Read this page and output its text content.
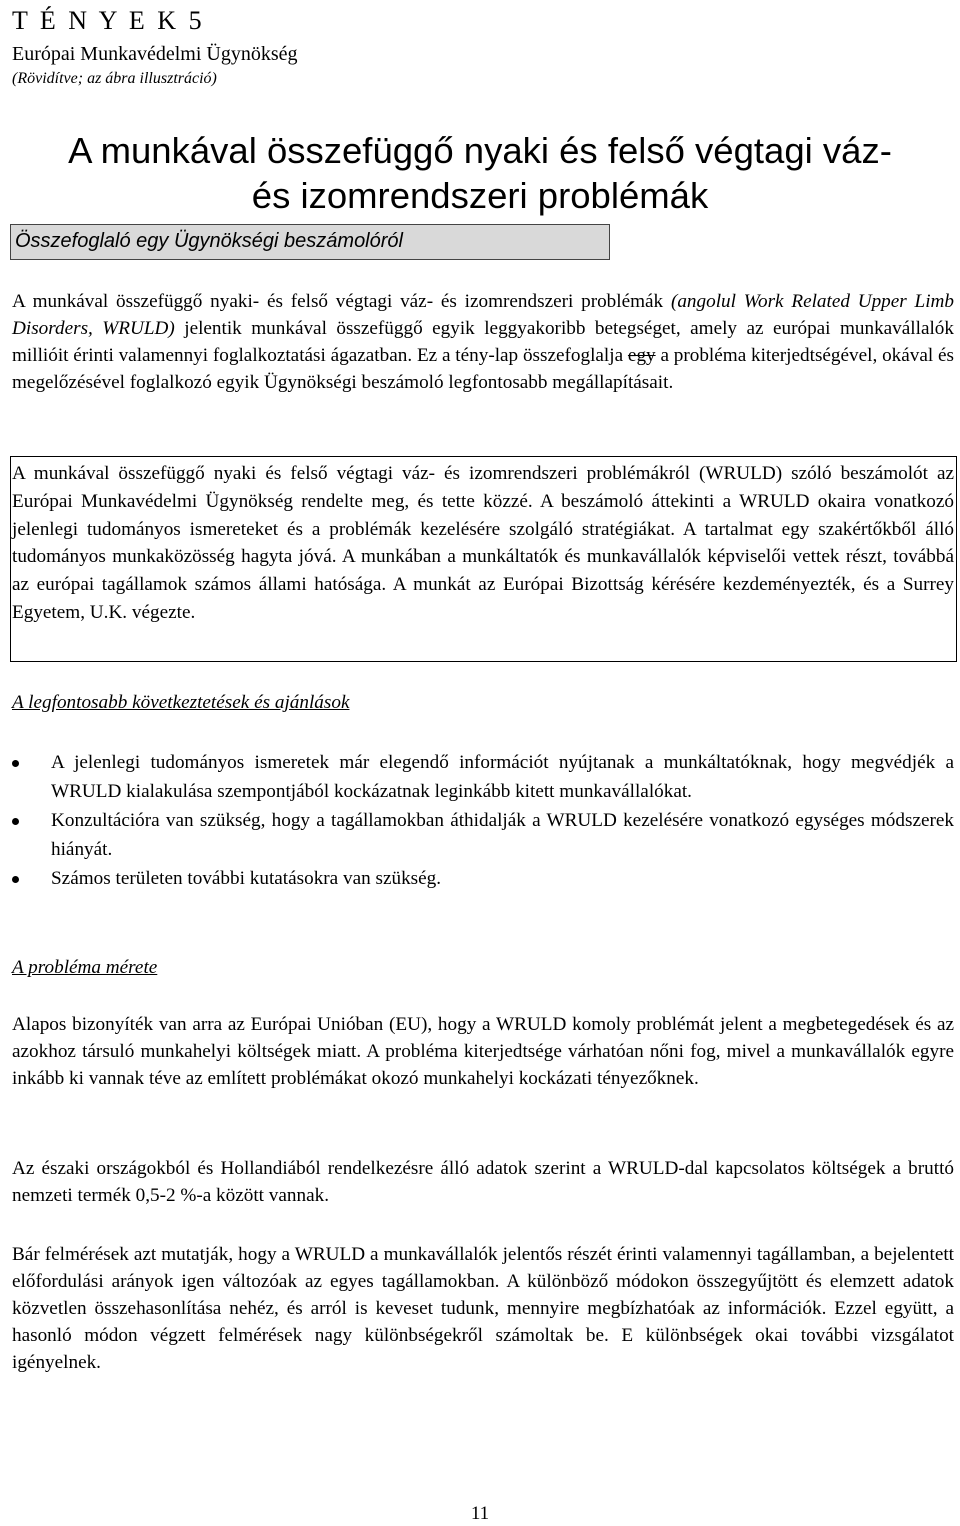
T É N Y E K 5
Európai Munkavédelmi Ügynökség
(Rövidítve; az ábra illusztráció)
A munkával összefüggő nyaki és felső végtagi váz-
és izomrendszeri problémák
Összefoglaló egy Ügynökségi beszámolóról
A munkával összefüggő nyaki- és felső végtagi váz- és izomrendszeri problémák (angolul Work Related Upper Limb Disorders, WRULD) jelentik munkával összefüggő egyik leggyakoribb betegséget, amely az európai munkavállalók millióit érinti valamennyi foglalkoztatási ágazatban. Ez a tény-lap összefoglalja egy a probléma kiterjedtségével, okával és megelőzésével foglalkozó egyik Ügynökségi beszámoló legfontosabb megállapításait.
A munkával összefüggő nyaki és felső végtagi váz- és izomrendszeri problémákról (WRULD) szóló beszámolót az Európai Munkavédelmi Ügynökség rendelte meg, és tette közzé. A beszámoló áttekinti a WRULD okaira vonatkozó jelenlegi tudományos ismereteket és a problémák kezelésére szolgáló stratégiákat. A tartalmat egy szakértőkből álló tudományos munkaközösség hagyta jóvá. A munkában a munkáltatók és munkavállalók képviselői vettek részt, továbbá az európai tagállamok számos állami hatósága. A munkát az Európai Bizottság kérésére kezdeményezték, és a Surrey Egyetem, U.K. végezte.
A legfontosabb következtetések és ajánlások
A jelenlegi tudományos ismeretek már elegendő információt nyújtanak a munkáltatóknak, hogy megvédjék a WRULD kialakulása szempontjából kockázatnak leginkább kitett munkavállalókat.
Konzultációra van szükség, hogy a tagállamokban áthidalják a WRULD kezelésére vonatkozó egységes módszerek hiányát.
Számos területen további kutatásokra van szükség.
A probléma mérete
Alapos bizonyíték van arra az Európai Unióban (EU), hogy a WRULD komoly problémát jelent a megbetegedések és az azokhoz társuló munkahelyi költségek miatt. A probléma kiterjedtsége várhatóan nőni fog, mivel a munkavállalók egyre inkább ki vannak téve az említett problémákat okozó munkahelyi kockázati tényezőknek.
Az északi országokból és Hollandiából rendelkezésre álló adatok szerint a WRULD-dal kapcsolatos költségek a bruttó nemzeti termék 0,5-2 %-a között vannak.
Bár felmérések azt mutatják, hogy a WRULD a munkavállalók jelentős részét érinti valamennyi tagállamban, a bejelentett előfordulási arányok igen változóak az egyes tagállamokban. A különböző módokon összegyűjtött és elemzett adatok közvetlen összehasonlítása nehéz, és arról is keveset tudunk, mennyire megbízhatóak az információk. Ezzel együtt, a hasonló módon végzett felmérések nagy különbségekről számoltak be. E különbségek okai további vizsgálatot igényelnek.
11
